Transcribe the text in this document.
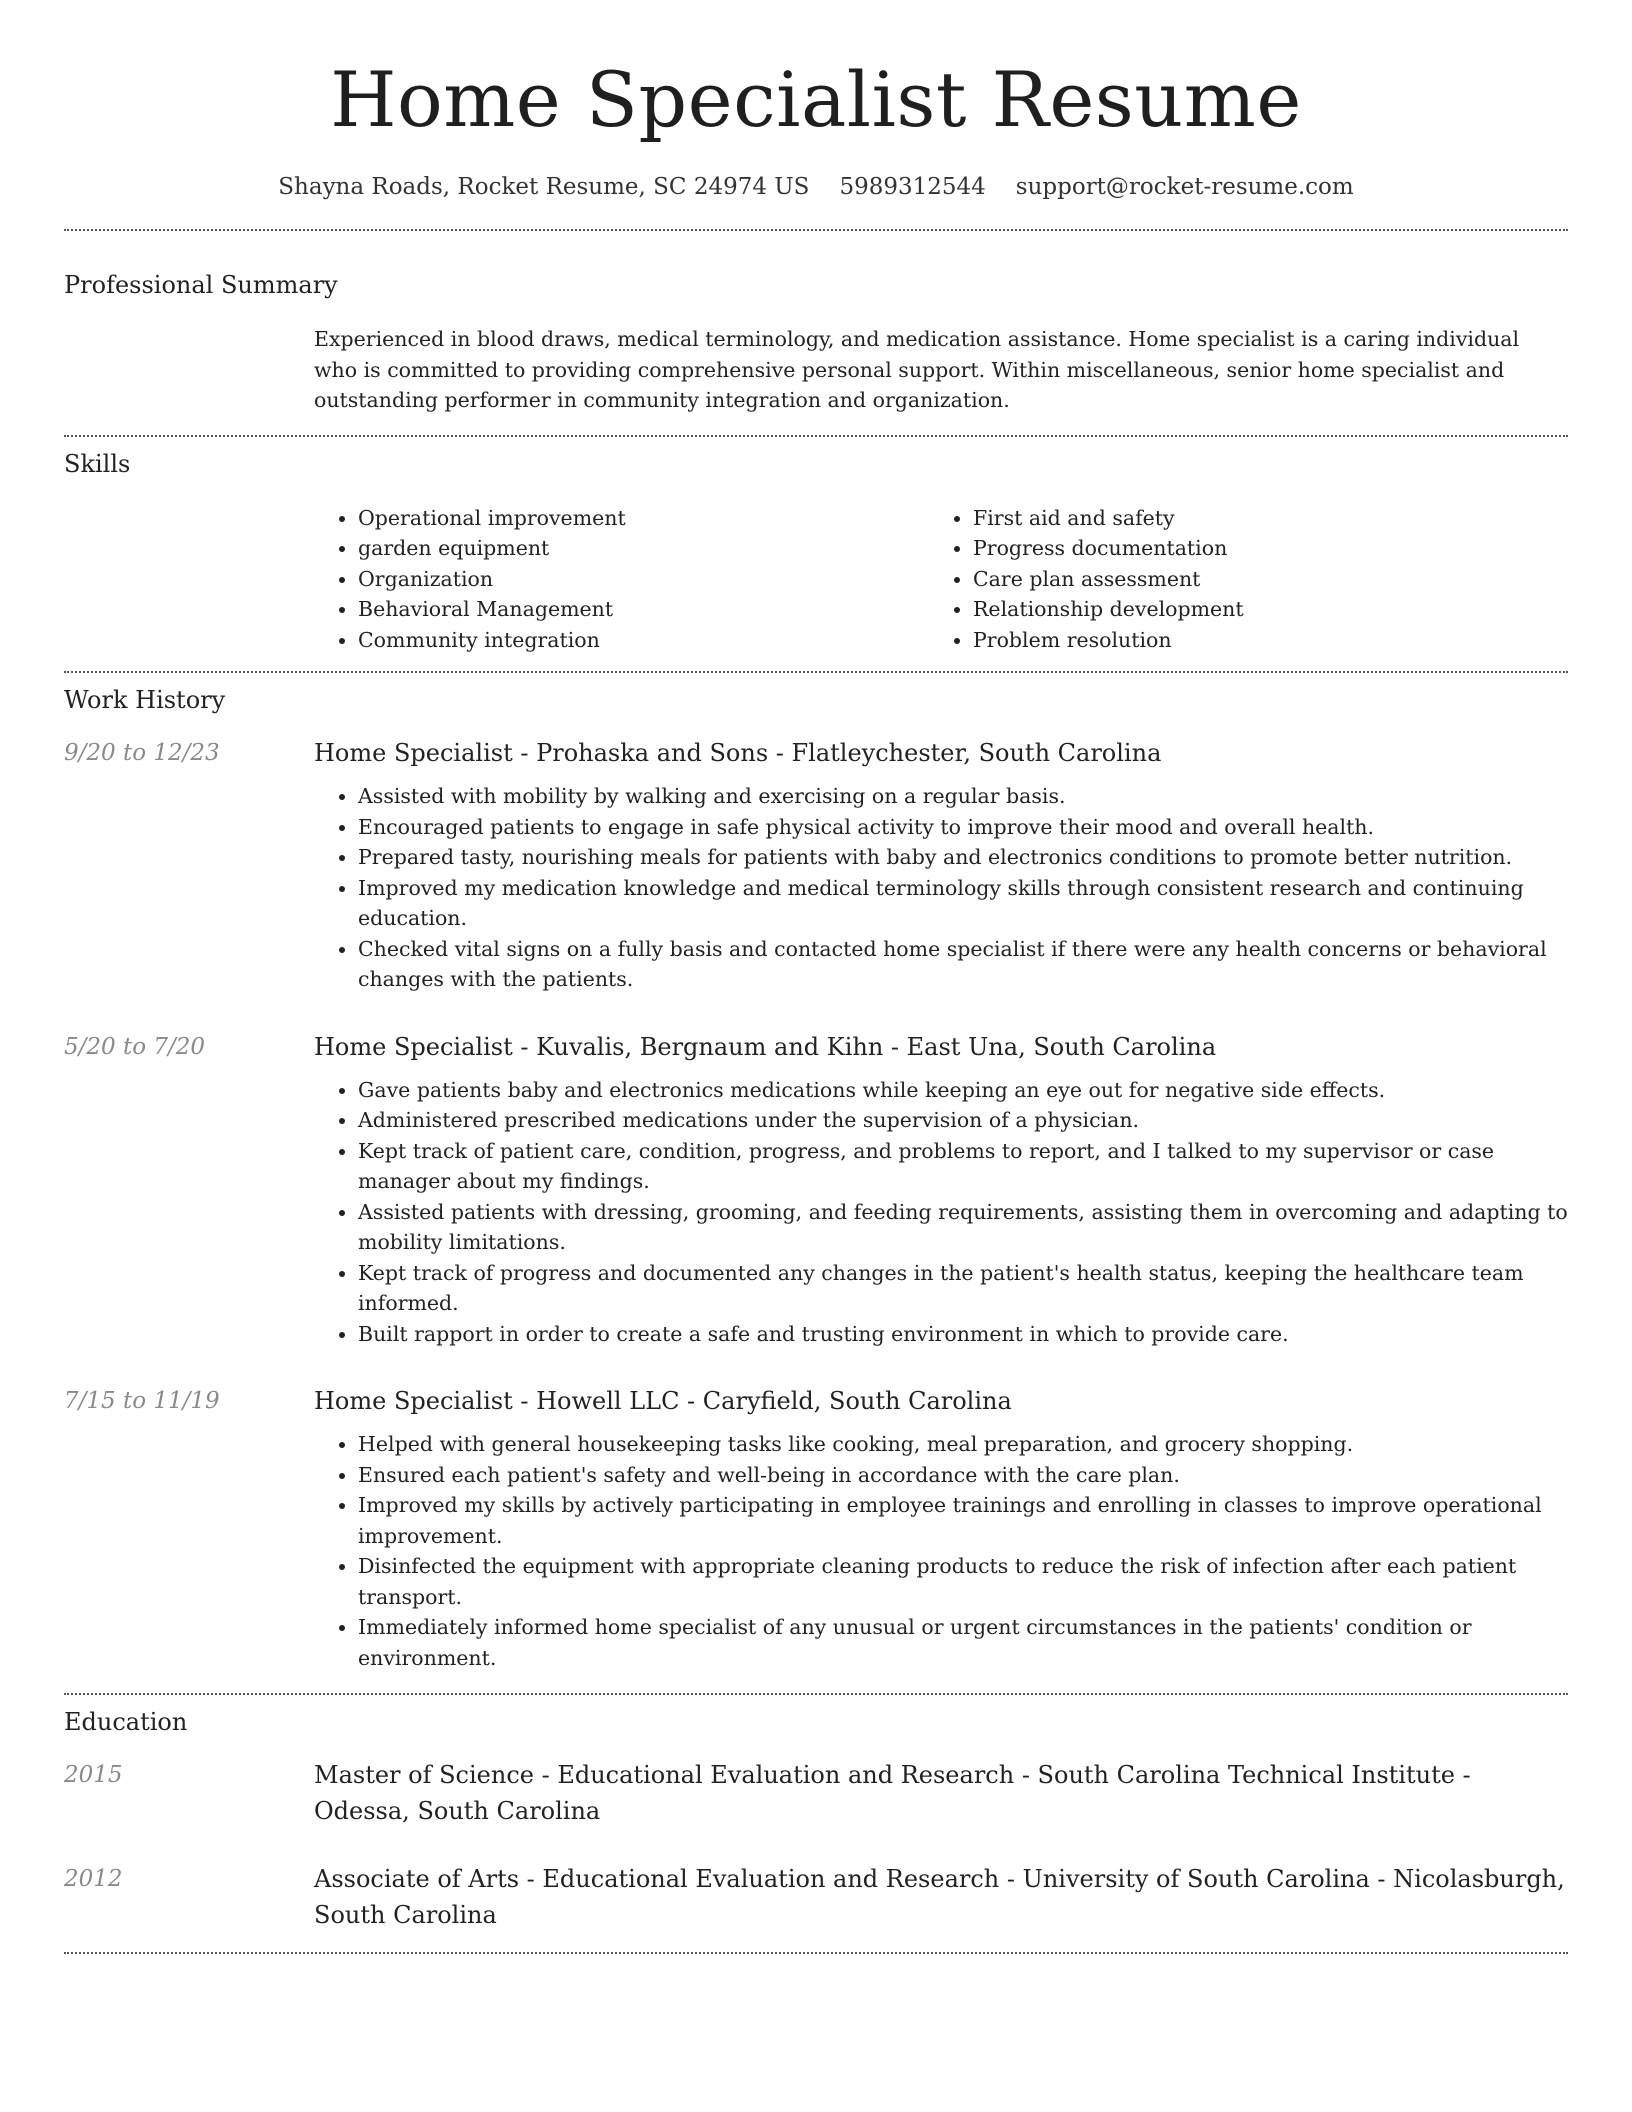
Home Specialist Resume
Shayna Roads, Rocket Resume, SC 24974 US 5989312544 support@rocket-resume.com
Professional Summary

Experienced in blood draws, medical terminology, and medication assistance. Home specialist is a caring individual who is committed to providing comprehensive personal support. Within miscellaneous, senior home specialist and outstanding performer in community integration and organization.

Skills
• Operational improvement
• garden equipment
• Organization
• Behavioral Management
• Community integration
• First aid and safety
• Progress documentation
• Care plan assessment
• Relationship development
• Problem resolution
Work History
9/20 to 12/23	Home Specialist - Prohaska and Sons - Flatleychester, South Carolina
• Assisted with mobility by walking and exercising on a regular basis.
• Encouraged patients to engage in safe physical activity to improve their mood and overall health.
• Prepared tasty, nourishing meals for patients with baby and electronics conditions to promote better nutrition.
• Improved my medication knowledge and medical terminology skills through consistent research and continuing education.
• Checked vital signs on a fully basis and contacted home specialist if there were any health concerns or behavioral changes with the patients.
5/20 to 7/20	Home Specialist - Kuvalis, Bergnaum and Kihn - East Una, South Carolina
• Gave patients baby and electronics medications while keeping an eye out for negative side effects.
• Administered prescribed medications under the supervision of a physician.
• Kept track of patient care, condition, progress, and problems to report, and I talked to my supervisor or case manager about my findings.
• Assisted patients with dressing, grooming, and feeding requirements, assisting them in overcoming and adapting to mobility limitations.
• Kept track of progress and documented any changes in the patient's health status, keeping the healthcare team informed.
• Built rapport in order to create a safe and trusting environment in which to provide care.
7/15 to 11/19	Home Specialist - Howell LLC - Caryfield, South Carolina
• Helped with general housekeeping tasks like cooking, meal preparation, and grocery shopping.
• Ensured each patient's safety and well-being in accordance with the care plan.
• Improved my skills by actively participating in employee trainings and enrolling in classes to improve operational improvement.
• Disinfected the equipment with appropriate cleaning products to reduce the risk of infection after each patient transport.
• Immediately informed home specialist of any unusual or urgent circumstances in the patients' condition or environment.
Education
2015	Master of Science - Educational Evaluation and Research - South Carolina Technical Institute - Odessa, South Carolina
2012	Associate of Arts - Educational Evaluation and Research - University of South Carolina - Nicolasburgh, South Carolina
